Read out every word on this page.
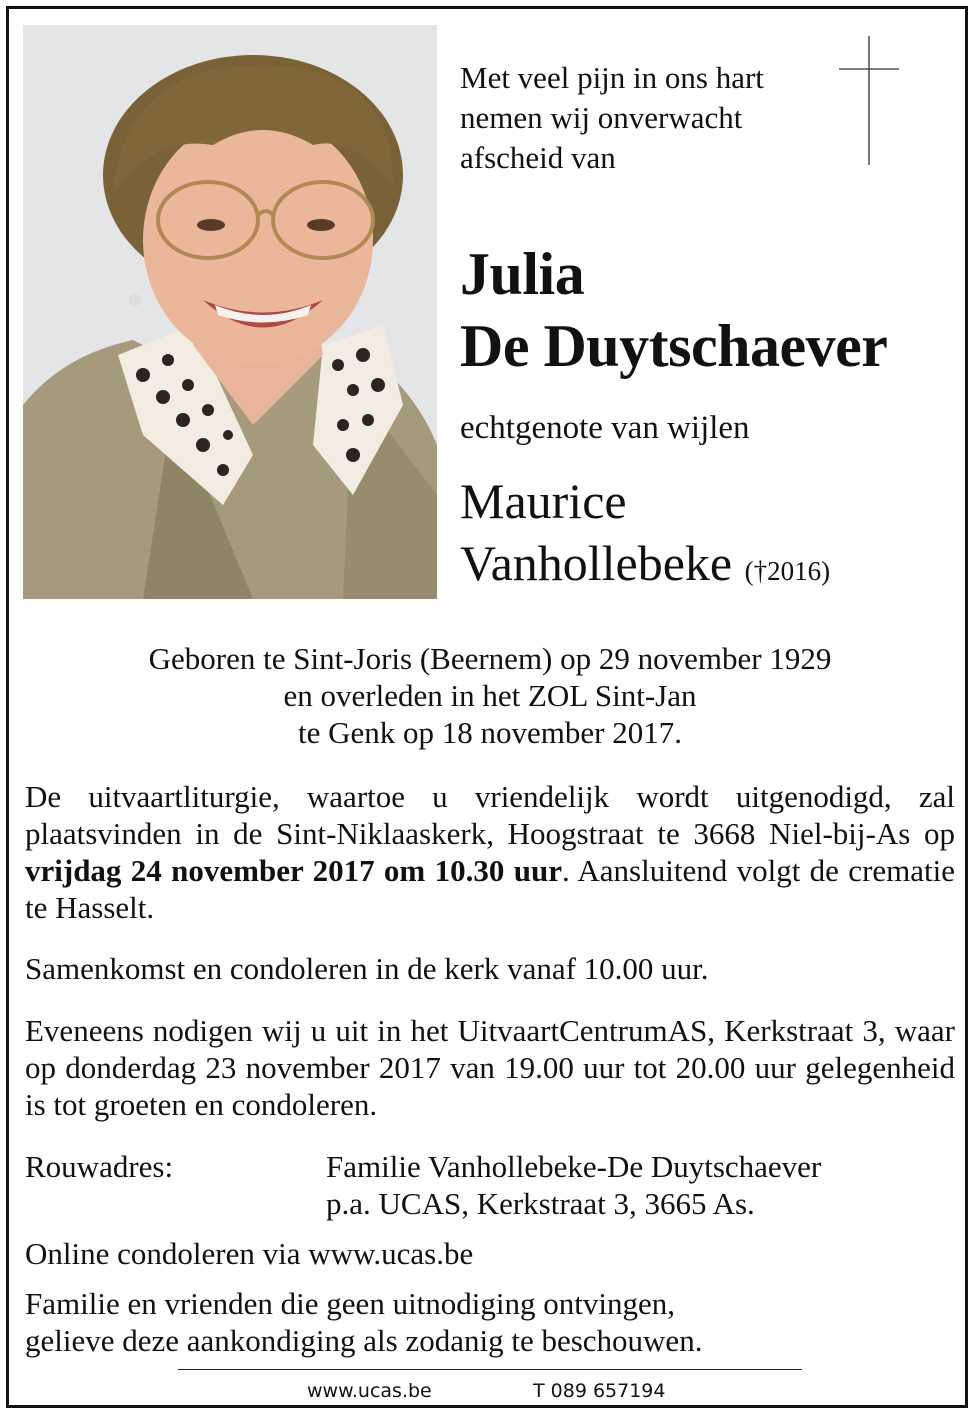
Met veel pijn in ons hart
nemen wij onverwacht
afscheid van
Julia
De Duytschaever
echtgenote van wijlen
Maurice
Vanhollebeke (†2016)
Geboren te Sint-Joris (Beernem) op 29 november 1929
en overleden in het ZOL Sint-Jan
te Genk op 18 november 2017.
De uitvaartliturgie, waartoe u vriendelijk wordt uitgenodigd, zal plaatsvinden in de Sint-Niklaaskerk, Hoogstraat te 3668 Niel-bij-As op vrijdag 24 november 2017 om 10.30 uur. Aansluitend volgt de crematie te Hasselt.
Samenkomst en condoleren in de kerk vanaf 10.00 uur.
Eveneens nodigen wij u uit in het UitvaartCentrumAS, Kerkstraat 3, waar op donderdag 23 november 2017 van 19.00 uur tot 20.00 uur gelegenheid is tot groeten en condoleren.
Rouwadres:	Familie Vanhollebeke-De Duytschaever
p.a. UCAS, Kerkstraat 3, 3665 As.
Online condoleren via www.ucas.be
Familie en vrienden die geen uitnodiging ontvingen,
gelieve deze aankondiging als zodanig te beschouwen.
www.ucas.be	T 089 657194
